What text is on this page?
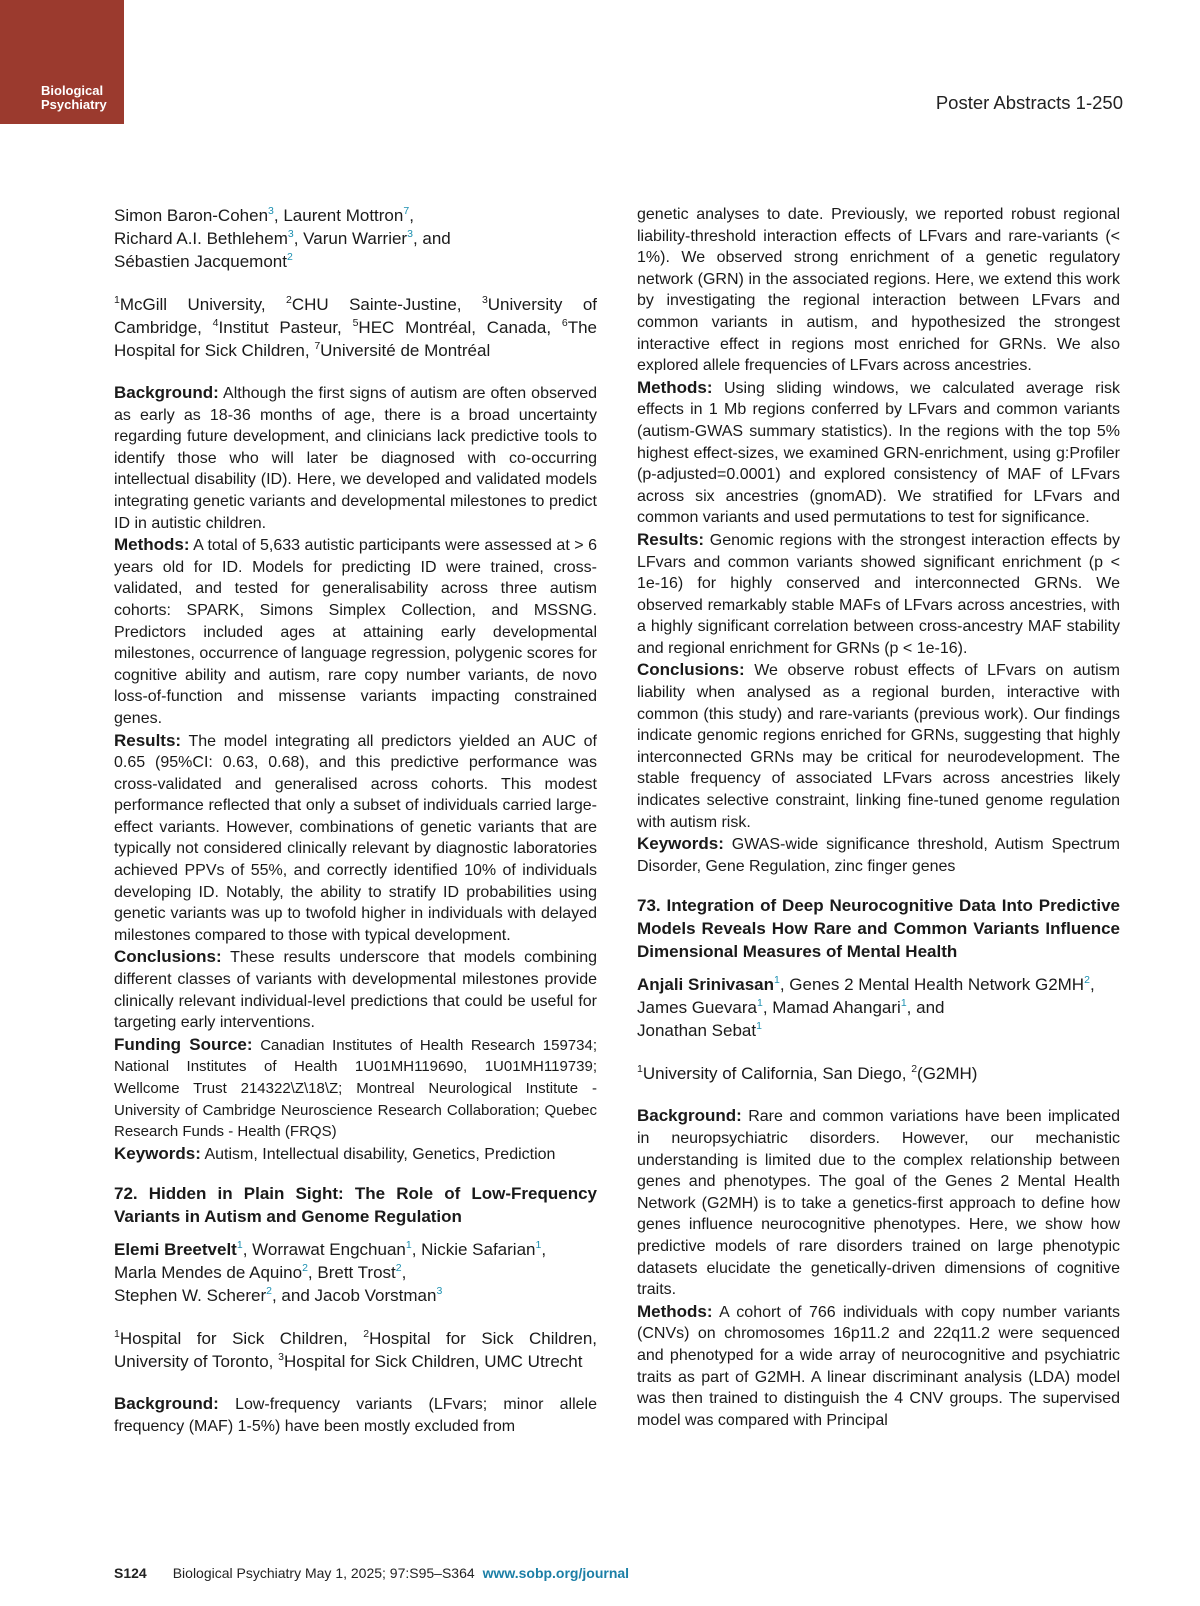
Biological
Psychiatry	Poster Abstracts 1-250

Simon Baron-Cohen$^3$, Laurent Mottron$^7$,
Richard A.I. Bethlehem$^3$, Varun Warrier$^3$, and
Sébastien Jacquemont$^2$

$^1$McGill University, $^2$CHU Sainte-Justine, $^3$University of Cambridge, $^4$Institut Pasteur, $^5$HEC Montréal, Canada, $^6$The Hospital for Sick Children, $^7$Université de Montréal

Background: Although the first signs of autism are often observed as early as 18-36 months of age, there is a broad uncertainty regarding future development, and clinicians lack predictive tools to identify those who will later be diagnosed with co-occurring intellectual disability (ID). Here, we developed and validated models integrating genetic variants and developmental milestones to predict ID in autistic children.

Methods: A total of 5,633 autistic participants were assessed at > 6 years old for ID. Models for predicting ID were trained, cross-validated, and tested for generalisability across three autism cohorts: SPARK, Simons Simplex Collection, and MSSNG. Predictors included ages at attaining early developmental milestones, occurrence of language regression, polygenic scores for cognitive ability and autism, rare copy number variants, de novo loss-of-function and missense variants impacting constrained genes.

Results: The model integrating all predictors yielded an AUC of 0.65 (95%CI: 0.63, 0.68), and this predictive performance was cross-validated and generalised across cohorts. This modest performance reflected that only a subset of individuals carried large-effect variants. However, combinations of genetic variants that are typically not considered clinically relevant by diagnostic laboratories achieved PPVs of 55%, and correctly identified 10% of individuals developing ID. Notably, the ability to stratify ID probabilities using genetic variants was up to twofold higher in individuals with delayed milestones compared to those with typical development.

Conclusions: These results underscore that models combining different classes of variants with developmental milestones provide clinically relevant individual-level predictions that could be useful for targeting early interventions.

Funding Source: Canadian Institutes of Health Research 159734; National Institutes of Health 1U01MH119690, 1U01MH119739; Wellcome Trust 214322\Z\18\Z; Montreal Neurological Institute - University of Cambridge Neuroscience Research Collaboration; Quebec Research Funds - Health (FRQS)

Keywords: Autism, Intellectual disability, Genetics, Prediction

72. Hidden in Plain Sight: The Role of Low-Frequency Variants in Autism and Genome Regulation

Elemi Breetvelt$^1$, Worrawat Engchuan$^1$, Nickie Safarian$^1$,
Marla Mendes de Aquino$^2$, Brett Trost$^2$,
Stephen W. Scherer$^2$, and Jacob Vorstman$^3$

$^1$Hospital for Sick Children, $^2$Hospital for Sick Children, University of Toronto, $^3$Hospital for Sick Children, UMC Utrecht

Background: Low-frequency variants (LFvars; minor allele frequency (MAF) 1-5%) have been mostly excluded from

genetic analyses to date. Previously, we reported robust regional liability-threshold interaction effects of LFvars and rare-variants (< 1%). We observed strong enrichment of a genetic regulatory network (GRN) in the associated regions. Here, we extend this work by investigating the regional interaction between LFvars and common variants in autism, and hypothesized the strongest interactive effect in regions most enriched for GRNs. We also explored allele frequencies of LFvars across ancestries.

Methods: Using sliding windows, we calculated average risk effects in 1 Mb regions conferred by LFvars and common variants (autism-GWAS summary statistics). In the regions with the top 5% highest effect-sizes, we examined GRN-enrichment, using g:Profiler (p-adjusted=0.0001) and explored consistency of MAF of LFvars across six ancestries (gnomAD). We stratified for LFvars and common variants and used permutations to test for significance.

Results: Genomic regions with the strongest interaction effects by LFvars and common variants showed significant enrichment (p < 1e-16) for highly conserved and interconnected GRNs. We observed remarkably stable MAFs of LFvars across ancestries, with a highly significant correlation between cross-ancestry MAF stability and regional enrichment for GRNs (p < 1e-16).

Conclusions: We observe robust effects of LFvars on autism liability when analysed as a regional burden, interactive with common (this study) and rare-variants (previous work). Our findings indicate genomic regions enriched for GRNs, suggesting that highly interconnected GRNs may be critical for neurodevelopment. The stable frequency of associated LFvars across ancestries likely indicates selective constraint, linking fine-tuned genome regulation with autism risk.

Keywords: GWAS-wide significance threshold, Autism Spectrum Disorder, Gene Regulation, zinc finger genes

73. Integration of Deep Neurocognitive Data Into Predictive Models Reveals How Rare and Common Variants Influence Dimensional Measures of Mental Health

Anjali Srinivasan$^1$, Genes 2 Mental Health Network $G2MH^2$, James Guevara$^1$, Mamad Ahangari$^1$, and
Jonathan Sebat$^1$

$^1$University of California, San Diego, $^2$(G2MH)

Background: Rare and common variations have been implicated in neuropsychiatric disorders. However, our mechanistic understanding is limited due to the complex relationship between genes and phenotypes. The goal of the Genes 2 Mental Health Network (G2MH) is to take a genetics-first approach to define how genes influence neurocognitive phenotypes. Here, we show how predictive models of rare disorders trained on large phenotypic datasets elucidate the genetically-driven dimensions of cognitive traits.

Methods: A cohort of 766 individuals with copy number variants (CNVs) on chromosomes 16p11.2 and 22q11.2 were sequenced and phenotyped for a wide array of neurocognitive and psychiatric traits as part of G2MH. A linear discriminant analysis (LDA) model was then trained to distinguish the 4 CNV groups. The supervised model was compared with Principal

S124 Biological Psychiatry May 1, 2025; 97:S95–S364 www.sobp.org/journal
